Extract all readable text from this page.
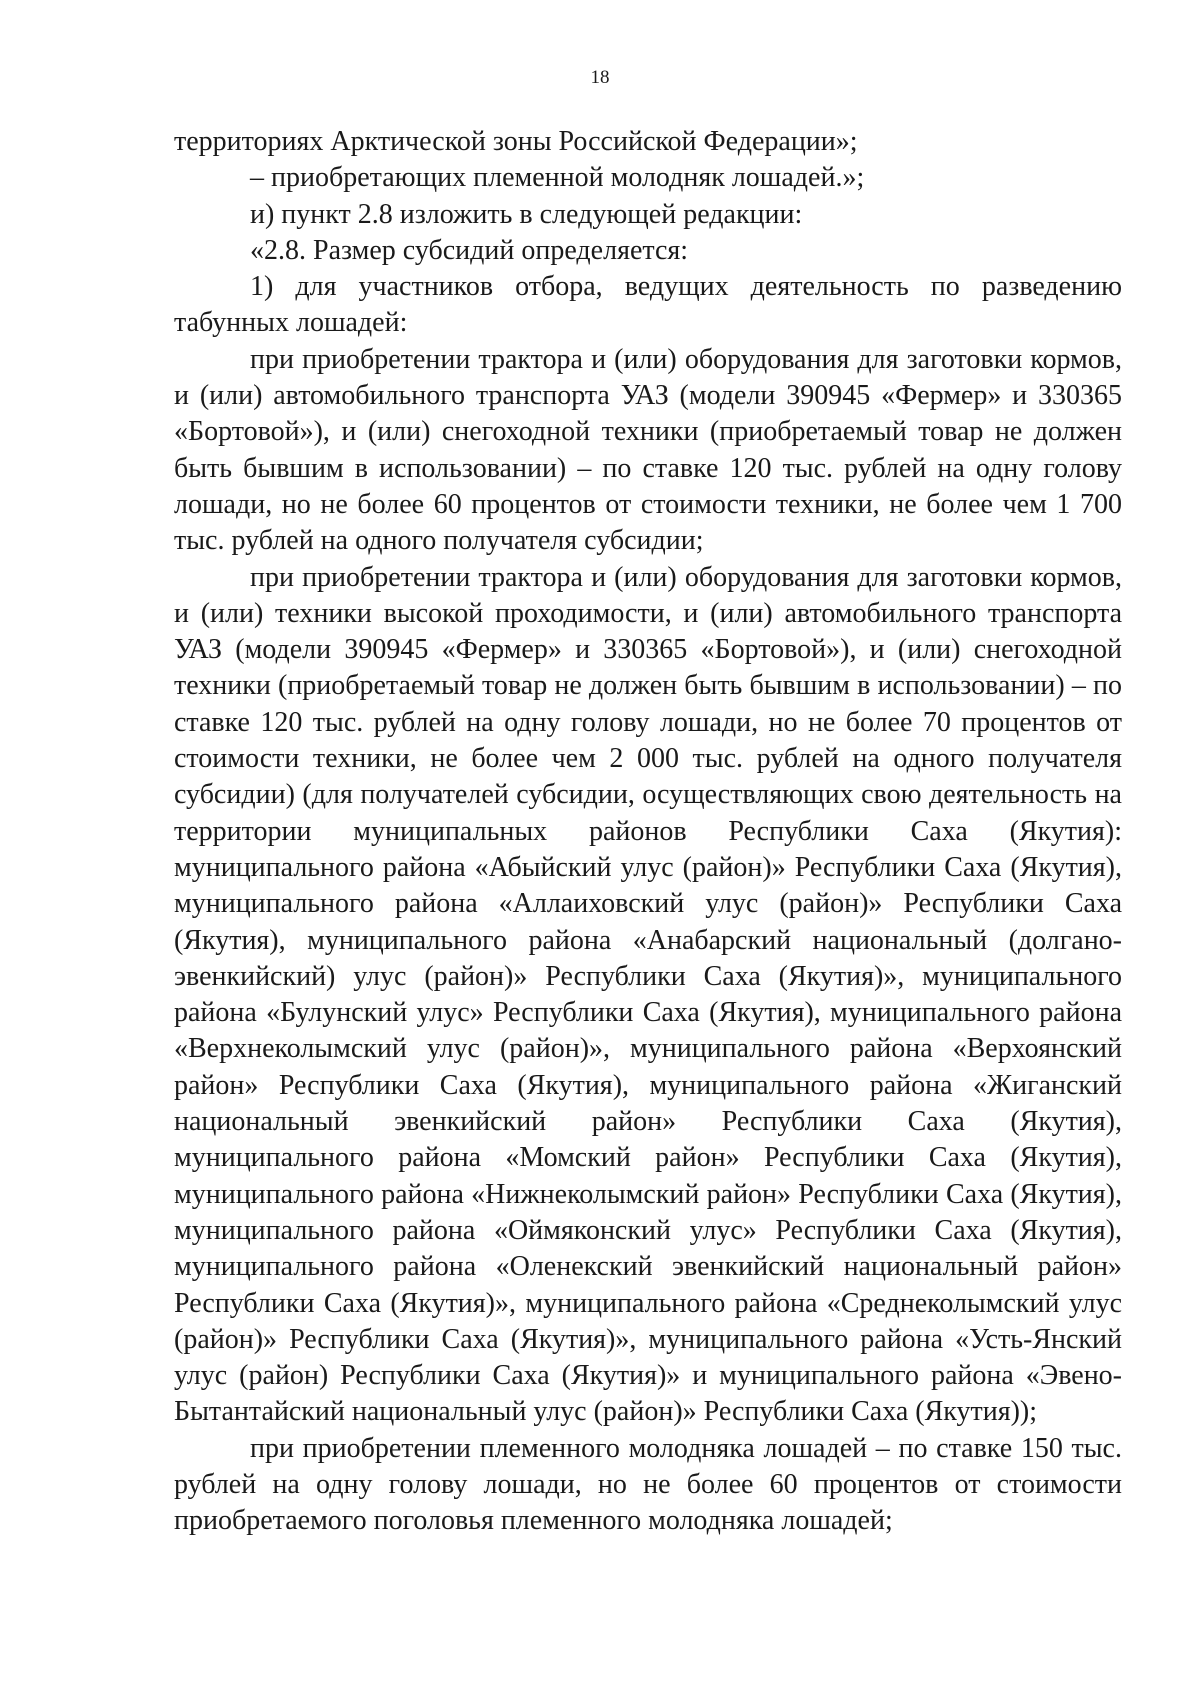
18

территориях Арктической зоны Российской Федерации»;

– приобретающих племенной молодняк лошадей.»;

и) пункт 2.8 изложить в следующей редакции:

«2.8. Размер субсидий определяется:

1) для участников отбора, ведущих деятельность по разведению табунных лошадей:

при приобретении трактора и (или) оборудования для заготовки кормов, и (или) автомобильного транспорта УАЗ (модели 390945 «Фермер» и 330365 «Бортовой»), и (или) снегоходной техники (приобретаемый товар не должен быть бывшим в использовании) – по ставке 120 тыс. рублей на одну голову лошади, но не более 60 процентов от стоимости техники, не более чем 1 700 тыс. рублей на одного получателя субсидии;

при приобретении трактора и (или) оборудования для заготовки кормов, и (или) техники высокой проходимости, и (или) автомобильного транспорта УАЗ (модели 390945 «Фермер» и 330365 «Бортовой»), и (или) снегоходной техники (приобретаемый товар не должен быть бывшим в использовании) – по ставке 120 тыс. рублей на одну голову лошади, но не более 70 процентов от стоимости техники, не более чем 2 000 тыс. рублей на одного получателя субсидии) (для получателей субсидии, осуществляющих свою деятельность на территории муниципальных районов Республики Саха (Якутия): муниципального района «Абыйский улус (район)» Республики Саха (Якутия), муниципального района «Аллаиховский улус (район)» Республики Саха (Якутия), муниципального района «Анабарский национальный (долгано-эвенкийский) улус (район)» Республики Саха (Якутия)», муниципального района «Булунский улус» Республики Саха (Якутия), муниципального района «Верхнеколымский улус (район)», муниципального района «Верхоянский район» Республики Саха (Якутия), муниципального района «Жиганский национальный эвенкийский район» Республики Саха (Якутия), муниципального района «Момский район» Республики Саха (Якутия), муниципального района «Нижнеколымский район» Республики Саха (Якутия), муниципального района «Оймяконский улус» Республики Саха (Якутия), муниципального района «Оленекский эвенкийский национальный район» Республики Саха (Якутия)», муниципального района «Среднеколымский улус (район)» Республики Саха (Якутия)», муниципального района «Усть-Янский улус (район) Республики Саха (Якутия)» и муниципального района «Эвено-Бытантайский национальный улус (район)» Республики Саха (Якутия));

при приобретении племенного молодняка лошадей – по ставке 150 тыс. рублей на одну голову лошади, но не более 60 процентов от стоимости приобретаемого поголовья племенного молодняка лошадей;
